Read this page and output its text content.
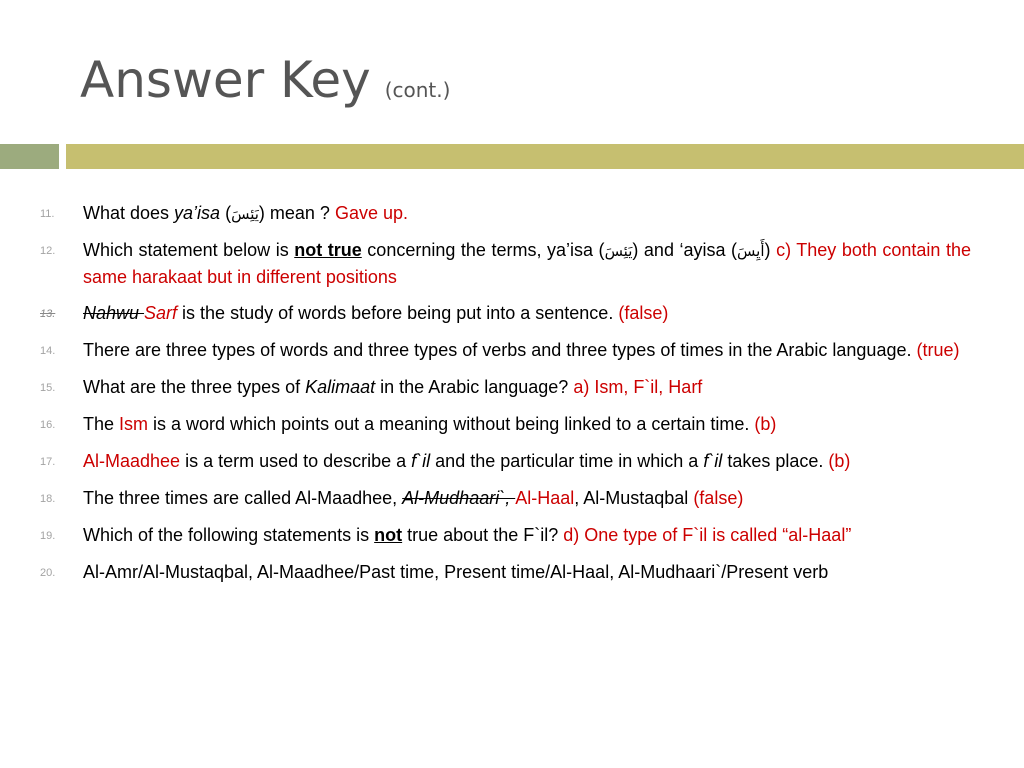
Answer Key (cont.)
11.	What does ya’isa (يَئِسَ) mean ? Gave up.
12.	Which statement below is not true concerning the terms, ya’isa (يَئِسَ) and ‘ayisa (أَيِسَ) c) They both contain the same harakaat but in different positions
13.	Nahwu Sarf is the study of words before being put into a sentence. (false)
14.	There are three types of words and three types of verbs and three types of times in the Arabic language. (true)
15.	What are the three types of Kalimaat in the Arabic language? a) Ism, F`il, Harf
16.	The Ism is a word which points out a meaning without being linked to a certain time. (b)
17.	Al-Maadhee is a term used to describe a f`il and the particular time in which a f`il takes place. (b)
18.	The three times are called Al-Maadhee, Al-Mudhaari`, Al-Haal, Al-Mustaqbal (false)
19.	Which of the following statements is not true about the F`il? d) One type of F`il is called “al-Haal”
20.	Al-Amr/Al-Mustaqbal, Al-Maadhee/Past time, Present time/Al-Haal, Al-Mudhaari`/Present verb
